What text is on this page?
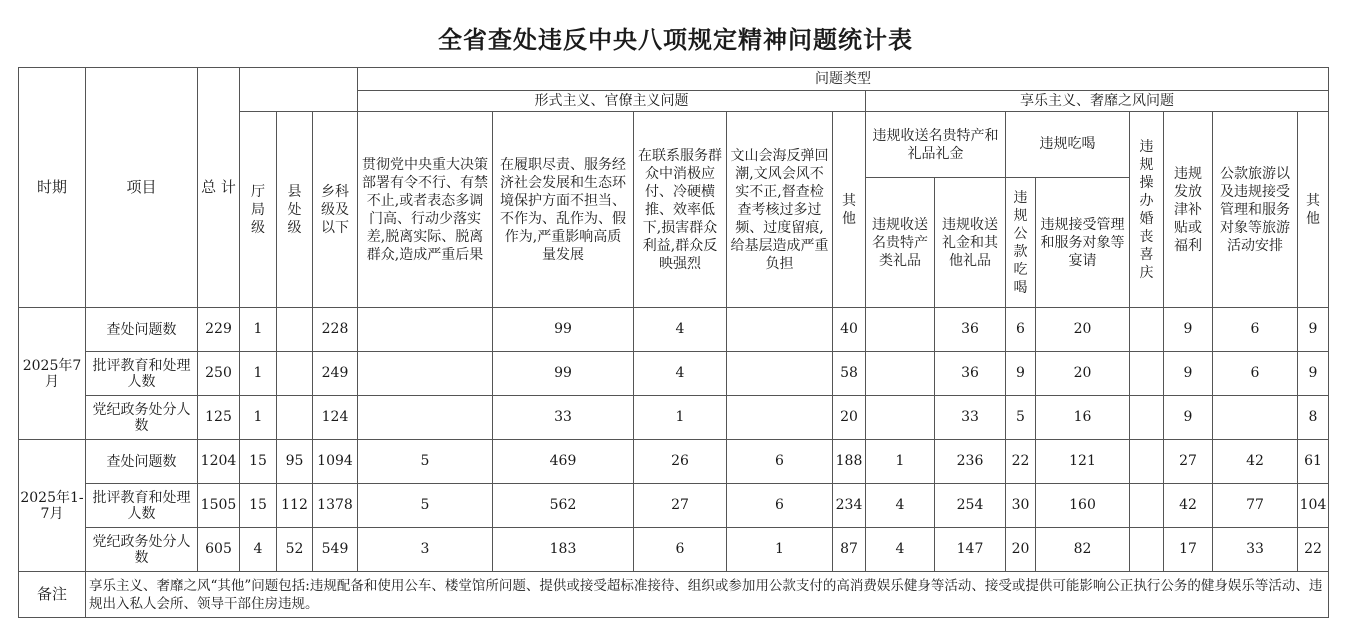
全省查处违反中央八项规定精神问题统计表
时期	项目	总 计				问题类型												
						形式主义、官僚主义问题					享乐主义、奢靡之风问题							
			厅局级	县处级	乡科级及以下	贯彻党中央重大决策部署有令不行、有禁不止,或者表态多调门高、行动少落实差,脱离实际、脱离群众,造成严重后果	在履职尽责、服务经济社会发展和生态环境保护方面不担当、不作为、乱作为、假作为,严重影响高质量发展	在联系服务群众中消极应付、冷硬横推、效率低下,损害群众利益,群众反映强烈	文山会海反弹回潮,文风会风不实不正,督查检查考核过多过频、过度留痕,给基层造成严重负担	其他	违规收送名贵特产和礼品礼金		违规吃喝		违规操办婚丧喜庆	违规发放津补贴或福利	公款旅游以及违规接受管理和服务对象等旅游活动安排	其他
											违规收送名贵特产类礼品	违规收送礼金和其他礼品	违规公款吃喝	违规接受管理和服务对象等宴请				

2025年7月	查处问题数	229	1		228		99	4		40		36	6	20		9	6	9
	批评教育和处理人数	250	1		249		99	4		58		36	9	20		9	6	9
	党纪政务处分人数	125	1		124		33	1		20		33	5	16		9		8
2025年1-7月	查处问题数	1204	15	95	1094	5	469	26	6	188	1	236	22	121		27	42	61
	批评教育和处理人数	1505	15	112	1378	5	562	27	6	234	4	254	30	160		42	77	104
	党纪政务处分人数	605	4	52	549	3	183	6	1	87	4	147	20	82		17	33	22
备注	享乐主义、奢靡之风“其他”问题包括:违规配备和使用公车、楼堂馆所问题、提供或接受超标准接待、组织或参加用公款支付的高消费娱乐健身等活动、接受或提供可能影响公正执行公务的健身娱乐等活动、违规出入私人会所、领导干部住房违规。																	
